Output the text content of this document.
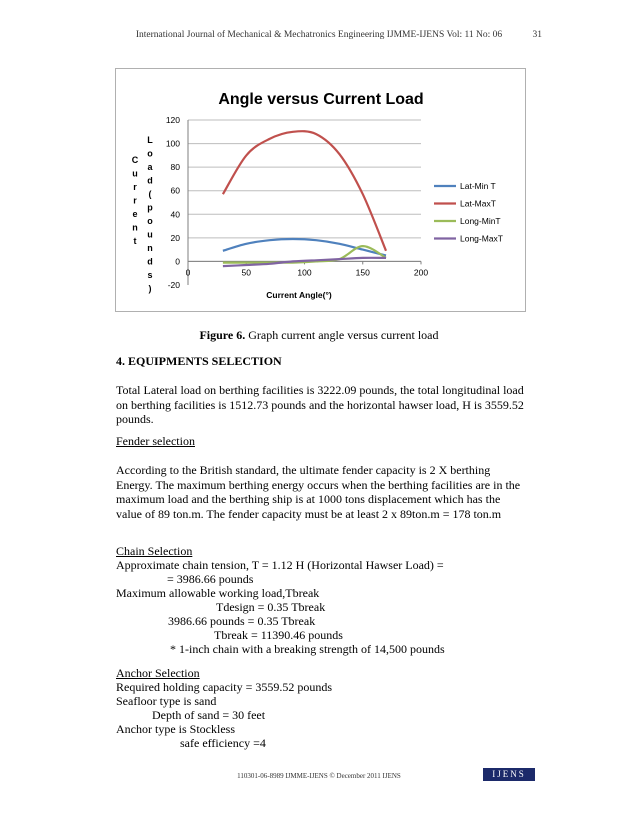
International Journal of Mechanical & Mechatronics Engineering IJMME-IJENS Vol: 11 No: 06	31
Angle versus Current Load
Current Angle(°)
-20
0
20
40
60
80
100
120
0	50	100	150	200
C
u
r
r
e
n
t
L
o
a
d
(
p
o
u
n
d
s
)
Lat-Min T
Lat-MaxT
Long-MinT
Long-MaxT
Figure 6. Graph current angle versus current load
4. EQUIPMENTS SELECTION
Total Lateral load on berthing facilities is 3222.09 pounds, the total longitudinal load on berthing facilities is 1512.73 pounds and the horizontal hawser load, H is 3559.52 pounds.
Fender selection
According to the British standard, the ultimate fender capacity is 2 X berthing Energy. The maximum berthing energy occurs when the berthing facilities are in the maximum load and the berthing ship is at 1000 tons displacement which has the value of 89 ton.m. The fender capacity must be at least 2 x 89ton.m = 178 ton.m
Chain Selection
Approximate chain tension, T = 1.12 H (Horizontal Hawser Load) =
= 3986.66 pounds
Maximum allowable working load,Tbreak
Tdesign = 0.35 Tbreak
3986.66 pounds = 0.35 Tbreak
Tbreak = 11390.46 pounds
* 1-inch chain with a breaking strength of 14,500 pounds
Anchor Selection
Required holding capacity = 3559.52 pounds
Seafloor type is sand
Depth of sand = 30 feet
Anchor type is Stockless
safe efficiency =4
110301-06-8989 IJMME-IJENS © December 2011 IJENS	IJENS
